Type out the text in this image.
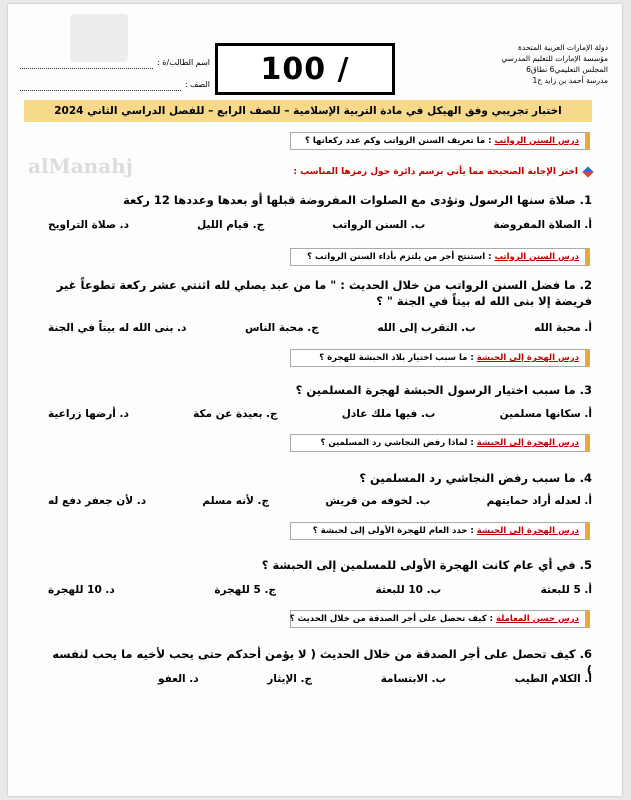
alManahj
دولة الإمارات العربية المتحدة
مؤسسة الإمارات للتعليم المدرسي
المجلس التعليمي6 نطاق6
مدرسة أحمد بن زايد ح1
100 /
اسم الطالب/ة :
الصف :
اختبار تجريبي وفق الهيكل في مادة التربية الإسلامية – للصف الرابع – للفصل الدراسي الثاني 2024
درس السنن الرواتب

: ما تعريف السنن الرواتب وكم عدد ركعاتها ؟
اختر الإجابة الصحيحة مما يأتي برسم دائرة حول رمزها المناسب :
1. صلاة سنها الرسول وتؤدى مع الصلوات المفروضة قبلها أو بعدها وعددها 12 ركعة
أ. الصلاة المفروضة
ب. السنن الرواتب
ج. قيام الليل
د. صلاة التراويح
درس السنن الرواتب

: استنتج أجر من يلتزم بأداء السنن الرواتب ؟
2. ما فضل السنن الرواتب من خلال الحديث : " ما من عبد يصلي لله اثنتي عشر ركعة تطوعاً غير فريضة إلا بنى الله له بيتاً في الجنة " ؟
أ. محبة الله
ب. التقرب إلى الله
ج. محبة الناس
د. بنى الله له بيتاً في الجنة
درس الهجرة إلى الحبشة

: ما سبب اختيار بلاد الحبشة للهجرة ؟
3. ما سبب اختيار الرسول الحبشة لهجرة المسلمين ؟
أ. سكانها مسلمين
ب. فيها ملك عادل
ج. بعيدة عن مكة
د. أرضها زراعية
درس الهجرة إلى الحبشة

: لماذا رفض النجاشي رد المسلمين ؟
4. ما سبب رفض النجاشي رد المسلمين ؟
أ. لعدله أراد حمايتهم
ب. لخوفه من قريش
ج. لأنه مسلم
د. لأن جعفر دفع له
درس الهجرة إلى الحبشة

: حدد العام للهجرة الأولى إلى لحبشة ؟
5. في أي عام كانت الهجرة الأولى للمسلمين إلى الحبشة ؟
أ. 5 للبعثة
ب. 10 للبعثة
ج. 5 للهجرة
د. 10 للهجرة
درس حسن المعاملة

: كيف تحصل على أجر الصدقة من خلال الحديث ؟
6. كيف تحصل على أجر الصدقة من خلال الحديث ( لا يؤمن أحدكم حتى يحب لأخيه ما يحب لنفسه )
أ. الكلام الطيب
ب. الابتسامة
ج. الإيثار
د. العفو
